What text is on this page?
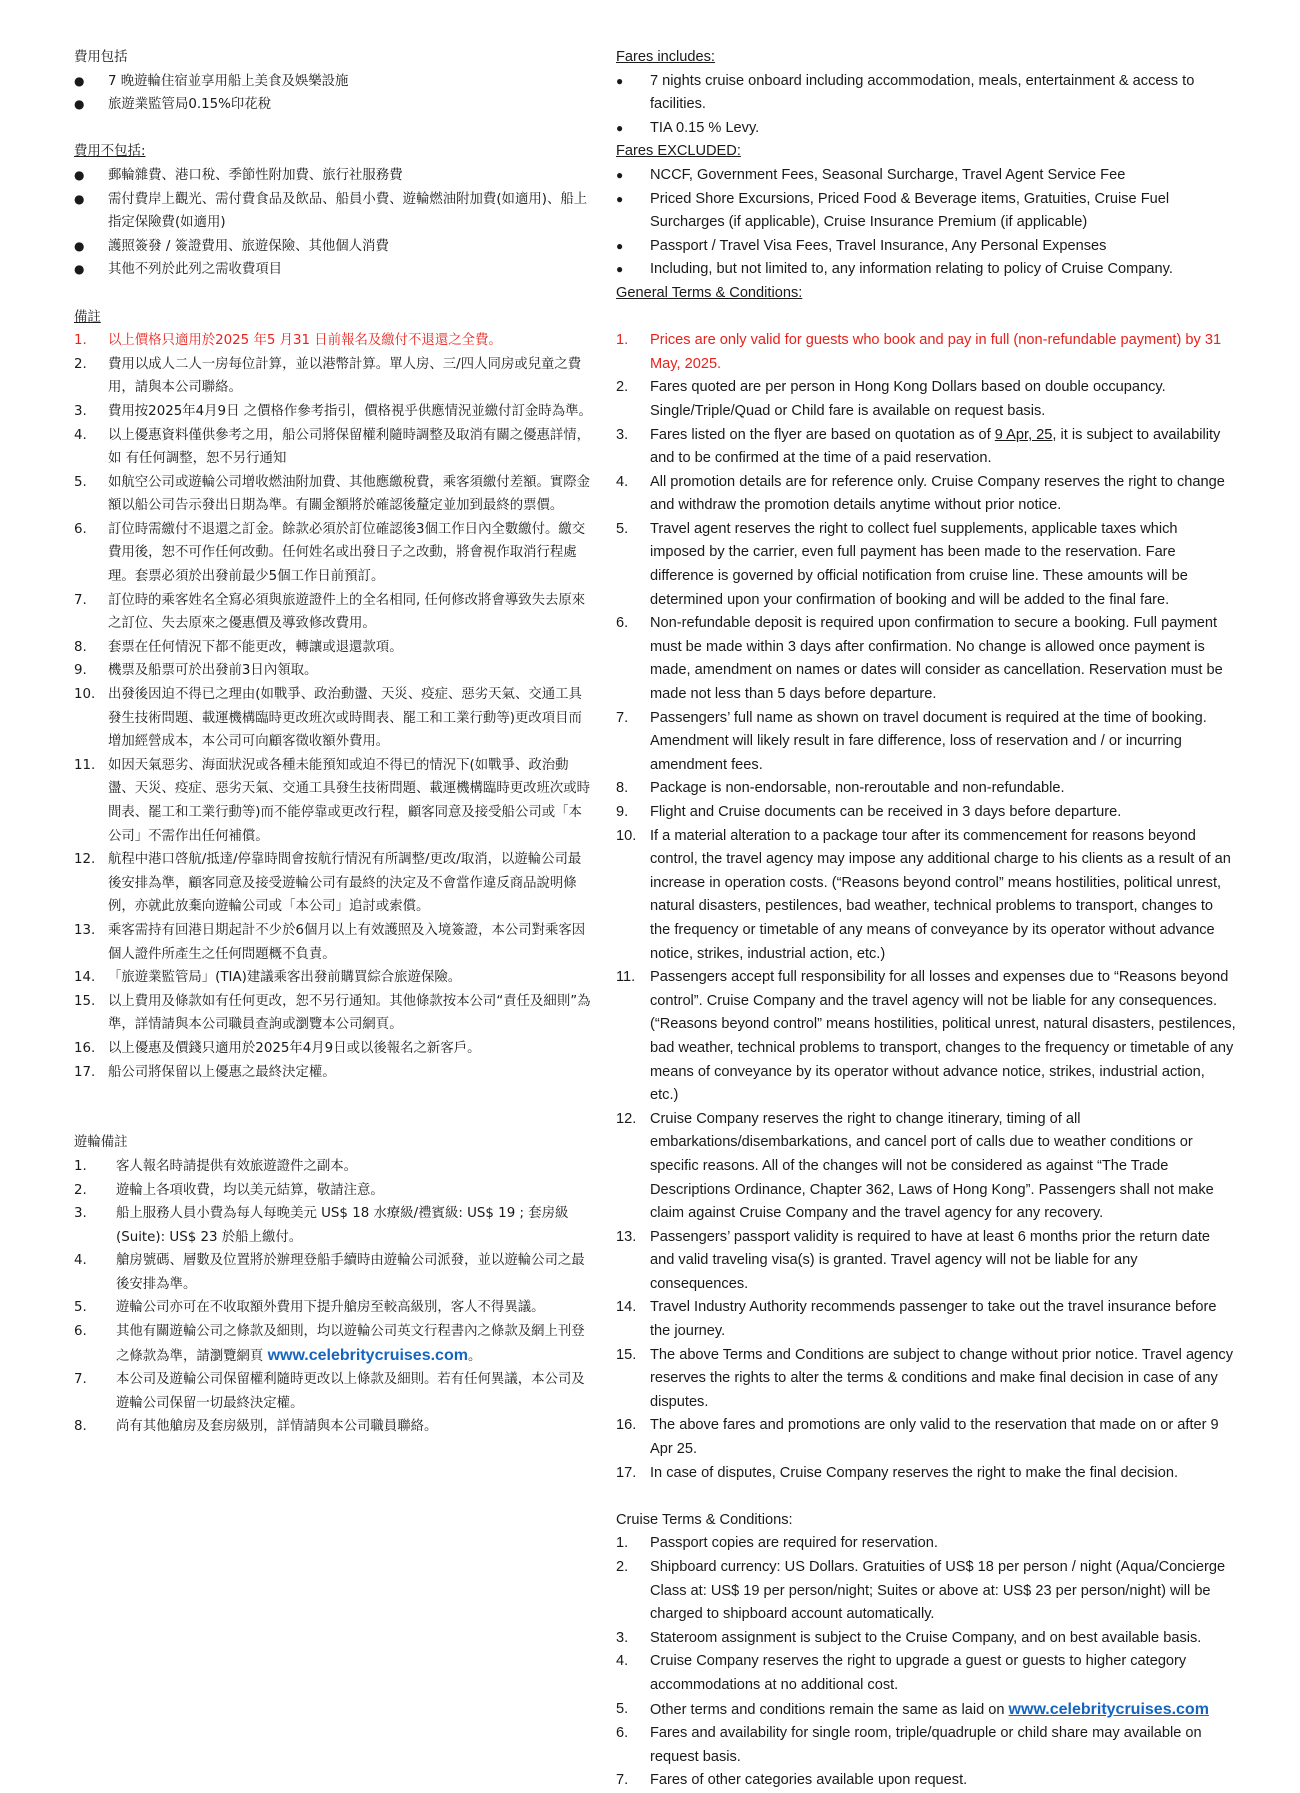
費用包括
● 7 晚遊輪住宿並享用船上美食及娛樂設施
● 旅遊業監管局0.15%印花稅
費用不包括:
● 郵輪雜費、港口稅、季節性附加費、旅行社服務費
● 需付費岸上觀光、需付費食品及飲品、船員小費、遊輪燃油附加費(如適用)、船上指定保險費(如適用)
● 護照簽發 / 簽證費用、旅遊保險、其他個人消費
● 其他不列於此列之需收費項目
備註
1. 以上價格只適用於2025 年5 月31 日前報名及繳付不退還之全費。
2. 費用以成人二人一房每位計算，並以港幣計算。單人房、三/四人同房或兒童之費用，請與本公司聯絡。
3. 費用按2025年4月9日 之價格作參考指引，價格視乎供應情況並繳付訂金時為準。
4. 以上優惠資料僅供參考之用，船公司將保留權利隨時調整及取消有關之優惠詳情，如 有任何調整，恕不另行通知
5. 如航空公司或遊輪公司增收燃油附加費、其他應繳稅費，乘客須繳付差額。實際金額以船公司告示發出日期為準。有關金額將於確認後釐定並加到最終的票價。
6. 訂位時需繳付不退還之訂金。餘款必須於訂位確認後3個工作日內全數繳付。繳交費用後，恕不可作任何改動。任何姓名或出發日子之改動，將會視作取消行程處理。套票必須於出發前最少5個工作日前預訂。
7. 訂位時的乘客姓名全寫必須與旅遊證件上的全名相同, 任何修改將會導致失去原來之訂位、失去原來之優惠價及導致修改費用。
8. 套票在任何情況下都不能更改，轉讓或退還款項。
9. 機票及船票可於出發前3日內領取。
10. 出發後因迫不得已之理由(如戰爭、政治動盪、天災、疫症、惡劣天氣、交通工具發生技術問題、載運機構臨時更改班次或時間表、罷工和工業行動等)更改項目而增加經營成本，本公司可向顧客徵收額外費用。
11. 如因天氣惡劣、海面狀況或各種未能預知或迫不得已的情況下(如戰爭、政治動盪、天災、疫症、惡劣天氣、交通工具發生技術問題、載運機構臨時更改班次或時間表、罷工和工業行動等)而不能停靠或更改行程，顧客同意及接受船公司或「本公司」不需作出任何補償。
12. 航程中港口啓航/抵達/停靠時間會按航行情況有所調整/更改/取消，以遊輪公司最後安排為準，顧客同意及接受遊輪公司有最終的決定及不會當作違反商品說明條例，亦就此放棄向遊輪公司或「本公司」追討或索償。
13. 乘客需持有回港日期起計不少於6個月以上有效護照及入境簽證，本公司對乘客因個人證件所產生之任何問題概不負責。
14. 「旅遊業監管局」(TIA)建議乘客出發前購買綜合旅遊保險。
15. 以上費用及條款如有任何更改，恕不另行通知。其他條款按本公司“責任及細則”為準，詳情請與本公司職員查詢或瀏覽本公司網頁。
16. 以上優惠及價錢只適用於2025年4月9日或以後報名之新客戶。
17. 船公司將保留以上優惠之最終決定權。
遊輪備註
1. 客人報名時請提供有效旅遊證件之副本。
2. 遊輪上各項收費，均以美元結算，敬請注意。
3. 船上服務人員小費為每人每晚美元 US$ 18 水療級/禮賓級: US$ 19 ; 套房級 (Suite): US$ 23 於船上繳付。
4. 艙房號碼、層數及位置將於辦理登船手續時由遊輪公司派發，並以遊輪公司之最後安排為準。
5. 遊輪公司亦可在不收取額外費用下提升艙房至較高級別，客人不得異議。
6. 其他有關遊輪公司之條款及細則，均以遊輪公司英文行程書內之條款及網上刊登之條款為準，請瀏覽網頁 www.celebritycruises.com。
7. 本公司及遊輪公司保留權利隨時更改以上條款及細則。若有任何異議，本公司及遊輪公司保留一切最終決定權。
8. 尚有其他艙房及套房級別，詳情請與本公司職員聯絡。
Fares includes:
● 7 nights cruise onboard including accommodation, meals, entertainment & access to facilities.
● TIA 0.15 % Levy.
Fares EXCLUDED:
● NCCF, Government Fees, Seasonal Surcharge, Travel Agent Service Fee
● Priced Shore Excursions, Priced Food & Beverage items, Gratuities, Cruise Fuel Surcharges (if applicable), Cruise Insurance Premium (if applicable)
● Passport / Travel Visa Fees, Travel Insurance, Any Personal Expenses
● Including, but not limited to, any information relating to policy of Cruise Company.
General Terms & Conditions:
1. Prices are only valid for guests who book and pay in full (non-refundable payment) by 31 May, 2025.
2. Fares quoted are per person in Hong Kong Dollars based on double occupancy. Single/Triple/Quad or Child fare is available on request basis.
3. Fares listed on the flyer are based on quotation as of 9 Apr, 25, it is subject to availability and to be confirmed at the time of a paid reservation.
4. All promotion details are for reference only. Cruise Company reserves the right to change and withdraw the promotion details anytime without prior notice.
5. Travel agent reserves the right to collect fuel supplements, applicable taxes which imposed by the carrier, even full payment has been made to the reservation. Fare difference is governed by official notification from cruise line. These amounts will be determined upon your confirmation of booking and will be added to the final fare.
6. Non-refundable deposit is required upon confirmation to secure a booking. Full payment must be made within 3 days after confirmation. No change is allowed once payment is made, amendment on names or dates will consider as cancellation. Reservation must be made not less than 5 days before departure.
7. Passengers’ full name as shown on travel document is required at the time of booking. Amendment will likely result in fare difference, loss of reservation and / or incurring amendment fees.
8. Package is non-endorsable, non-reroutable and non-refundable.
9. Flight and Cruise documents can be received in 3 days before departure.
10. If a material alteration to a package tour after its commencement for reasons beyond control, the travel agency may impose any additional charge to his clients as a result of an increase in operation costs. (“Reasons beyond control” means hostilities, political unrest, natural disasters, pestilences, bad weather, technical problems to transport, changes to the frequency or timetable of any means of conveyance by its operator without advance notice, strikes, industrial action, etc.)
11. Passengers accept full responsibility for all losses and expenses due to “Reasons beyond control”. Cruise Company and the travel agency will not be liable for any consequences. (“Reasons beyond control” means hostilities, political unrest, natural disasters, pestilences, bad weather, technical problems to transport, changes to the frequency or timetable of any means of conveyance by its operator without advance notice, strikes, industrial action, etc.)
12. Cruise Company reserves the right to change itinerary, timing of all embarkations/disembarkations, and cancel port of calls due to weather conditions or specific reasons. All of the changes will not be considered as against “The Trade Descriptions Ordinance, Chapter 362, Laws of Hong Kong”. Passengers shall not make claim against Cruise Company and the travel agency for any recovery.
13. Passengers’ passport validity is required to have at least 6 months prior the return date and valid traveling visa(s) is granted. Travel agency will not be liable for any consequences.
14. Travel Industry Authority recommends passenger to take out the travel insurance before the journey.
15. The above Terms and Conditions are subject to change without prior notice. Travel agency reserves the rights to alter the terms & conditions and make final decision in case of any disputes.
16. The above fares and promotions are only valid to the reservation that made on or after 9 Apr 25.
17. In case of disputes, Cruise Company reserves the right to make the final decision.
Cruise Terms & Conditions:
1. Passport copies are required for reservation.
2. Shipboard currency: US Dollars. Gratuities of US$ 18 per person / night (Aqua/Concierge Class at: US$ 19 per person/night; Suites or above at: US$ 23 per person/night) will be charged to shipboard account automatically.
3. Stateroom assignment is subject to the Cruise Company, and on best available basis.
4. Cruise Company reserves the right to upgrade a guest or guests to higher category accommodations at no additional cost.
5. Other terms and conditions remain the same as laid on www.celebritycruises.com
6. Fares and availability for single room, triple/quadruple or child share may available on request basis.
7. Fares of other categories available upon request.
